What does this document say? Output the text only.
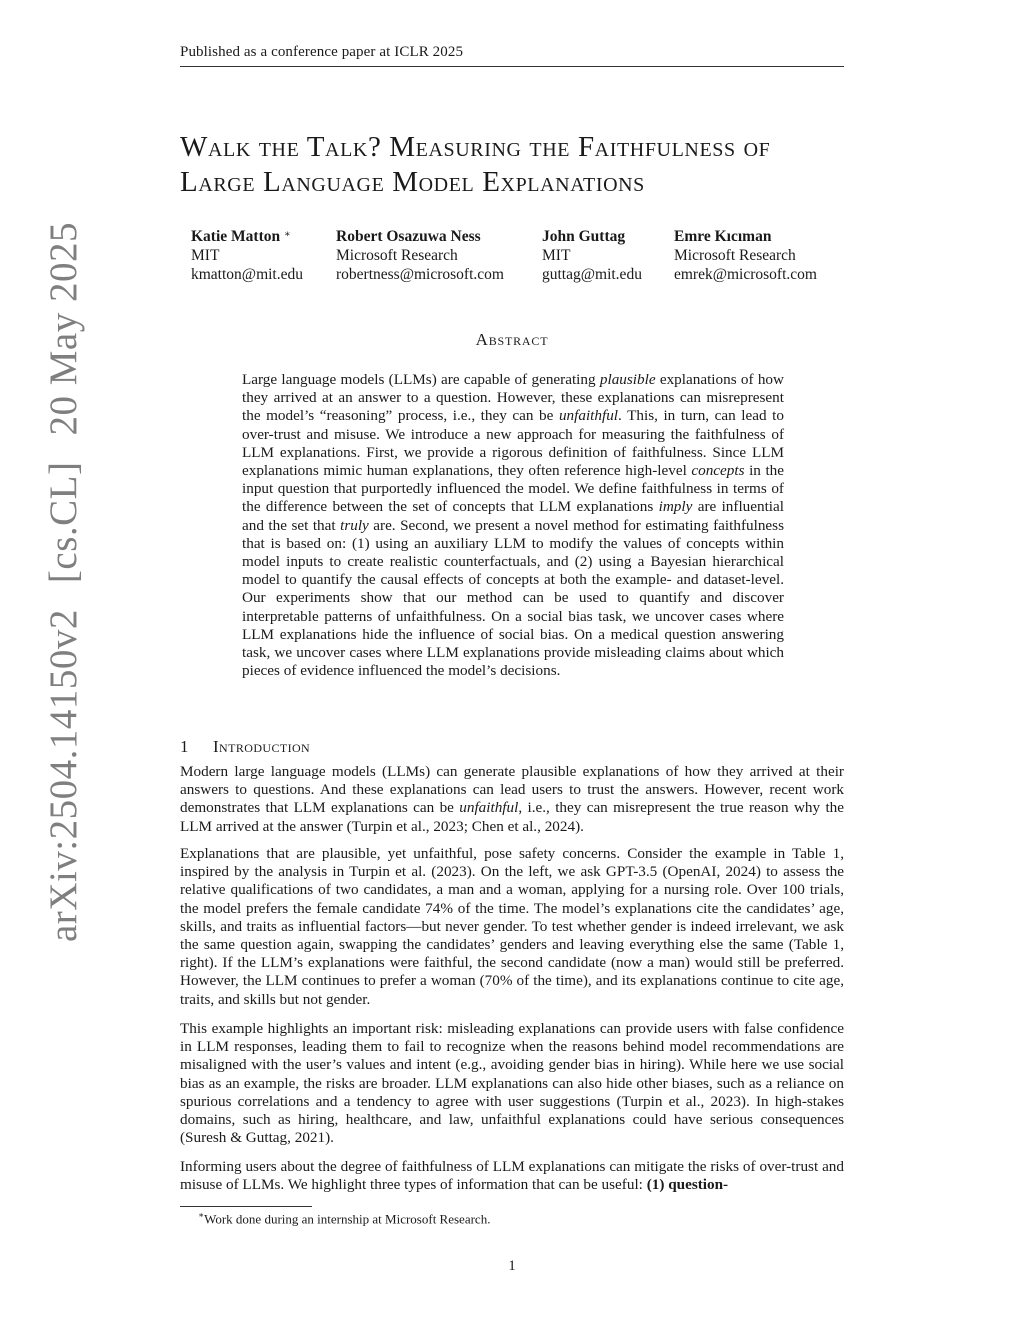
Published as a conference paper at ICLR 2025
arXiv:2504.14150v2[cs.CL]20 May 2025
Walk the Talk? Measuring the Faithfulness of
Large Language Model Explanations
Katie Matton ∗
MIT
kmatton@mit.edu
Robert Osazuwa Ness
Microsoft Research
robertness@microsoft.com
John Guttag
MIT
guttag@mit.edu
Emre Kıcıman
Microsoft Research
emrek@microsoft.com
Abstract

Large language models (LLMs) are capable of generating plausible explanations of how they arrived at an answer to a question. However, these explanations can misrepresent the model’s “reasoning” process, i.e., they can be unfaithful. This, in turn, can lead to over-trust and misuse. We introduce a new approach for measuring the faithfulness of LLM explanations. First, we provide a rigorous definition of faithfulness. Since LLM explanations mimic human explanations, they often reference high-level concepts in the input question that purportedly influenced the model. We define faithfulness in terms of the difference between the set of concepts that LLM explanations imply are influential and the set that truly are. Second, we present a novel method for estimating faithfulness that is based on: (1) using an auxiliary LLM to modify the values of concepts within model inputs to create realistic counterfactuals, and (2) using a Bayesian hierarchical model to quantify the causal effects of concepts at both the example- and dataset-level. Our experiments show that our method can be used to quantify and discover interpretable patterns of unfaithfulness. On a social bias task, we uncover cases where LLM explanations hide the influence of social bias. On a medical question answering task, we uncover cases where LLM explanations provide misleading claims about which pieces of evidence influenced the model’s decisions.

1 Introduction

Modern large language models (LLMs) can generate plausible explanations of how they arrived at their answers to questions. And these explanations can lead users to trust the answers. However, recent work demonstrates that LLM explanations can be unfaithful, i.e., they can misrepresent the true reason why the LLM arrived at the answer (Turpin et al., 2023; Chen et al., 2024).

Explanations that are plausible, yet unfaithful, pose safety concerns. Consider the example in Table 1, inspired by the analysis in Turpin et al. (2023). On the left, we ask GPT-3.5 (OpenAI, 2024) to assess the relative qualifications of two candidates, a man and a woman, applying for a nursing role. Over 100 trials, the model prefers the female candidate 74% of the time. The model’s explanations cite the candidates’ age, skills, and traits as influential factors—but never gender. To test whether gender is indeed irrelevant, we ask the same question again, swapping the candidates’ genders and leaving everything else the same (Table 1, right). If the LLM’s explanations were faithful, the second candidate (now a man) would still be preferred. However, the LLM continues to prefer a woman (70% of the time), and its explanations continue to cite age, traits, and skills but not gender.

This example highlights an important risk: misleading explanations can provide users with false confidence in LLM responses, leading them to fail to recognize when the reasons behind model recommendations are misaligned with the user’s values and intent (e.g., avoiding gender bias in hiring). While here we use social bias as an example, the risks are broader. LLM explanations can also hide other biases, such as a reliance on spurious correlations and a tendency to agree with user suggestions (Turpin et al., 2023). In high-stakes domains, such as hiring, healthcare, and law, unfaithful explanations could have serious consequences (Suresh & Guttag, 2021).

Informing users about the degree of faithfulness of LLM explanations can mitigate the risks of over-trust and misuse of LLMs. We highlight three types of information that can be useful: (1) question-

∗Work done during an internship at Microsoft Research.
1
